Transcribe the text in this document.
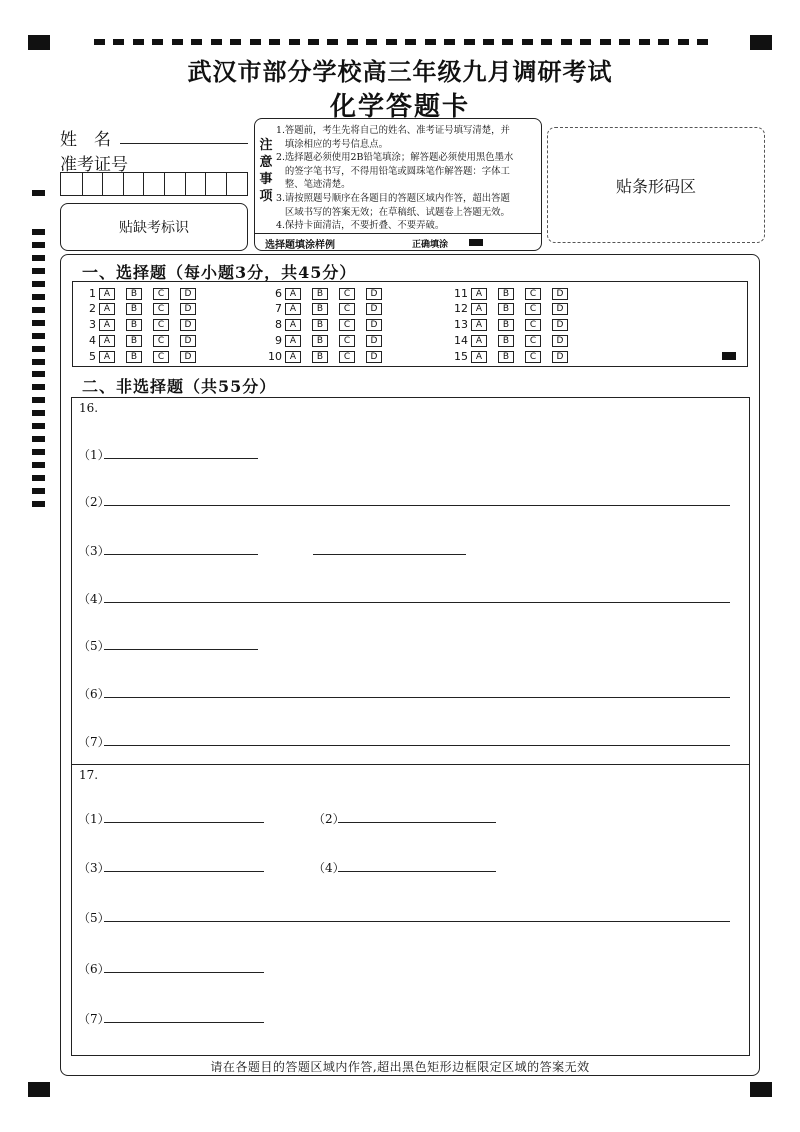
武汉市部分学校高三年级九月调研考试
化学答题卡
姓　名
准考证号
贴缺考标识
注
意
事
项
1.答题前，考生先将自己的姓名、准考证号填写清楚，并
填涂相应的考号信息点。
2.选择题必须使用2B铅笔填涂；解答题必须使用黑色墨水
的签字笔书写，不得用铅笔或圆珠笔作解答题：字体工
整、笔迹清楚。
3.请按照题号顺序在各题目的答题区域内作答，超出答题
区域书写的答案无效；在草稿纸、试题卷上答题无效。
4.保持卡面清洁，不要折叠、不要弄破。
选择题填涂样例	正确填涂
贴条形码区
一、选择题（每小题3分，共45分）
1 A	B	C	D
2 A	B	C	D
3 A	B	C	D
4 A	B	C	D
5 A	B	C	D
6 A	B	C	D
7 A	B	C	D
8 A	B	C	D
9 A	B	C	D
10 A	B	C	D
11 A	B	C	D
12 A	B	C	D
13 A	B	C	D
14 A	B	C	D
15 A	B	C	D
二、非选择题（共55分）
16.
（1）
（2）
（3）
（4）
（5）
（6）
（7）
17.
（1）	（2）
（3）	（4）
（5）
（6）
（7）
请在各题目的答题区域内作答,超出黑色矩形边框限定区域的答案无效
